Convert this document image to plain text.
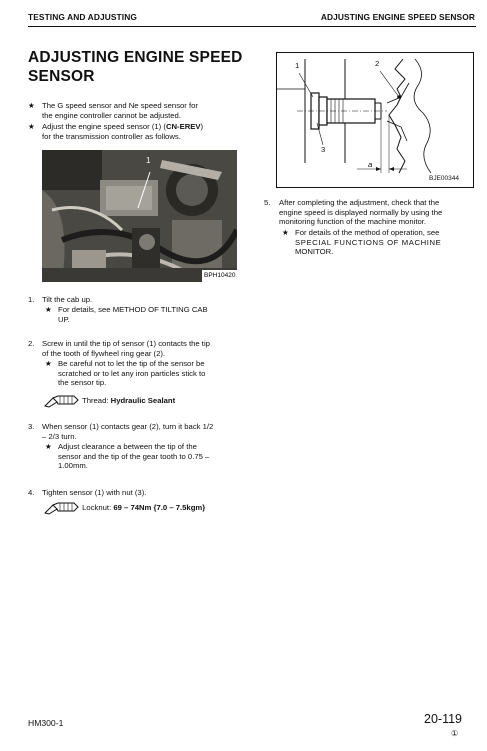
TESTING AND ADJUSTING	ADJUSTING ENGINE SPEED SENSOR
ADJUSTING ENGINE SPEED
SENSOR
★ The G speed sensor and Ne speed sensor for
the engine controller cannot be adjusted.
★ Adjust the engine speed sensor (1) (CN-EREV)
for the transmission controller as follows.
1
BPH10420
1. Tilt the cab up.
★ For details, see METHOD OF TILTING CAB
UP.
2. Screw in until the tip of sensor (1) contacts the tip
of the tooth of flywheel ring gear (2).
★ Be careful not to let the tip of the sensor be
scratched or to let any iron particles stick to
the sensor tip.
Thread: Hydraulic Sealant
3. When sensor (1) contacts gear (2), turn it back 1/2
– 2/3 turn.
★ Adjust clearance a between the tip of the
sensor and the tip of the gear tooth to 0.75 –
1.00mm.
4. Tighten sensor (1) with nut (3).
Locknut: 69 – 74Nm {7.0 – 7.5kgm}
1	2
3
a
BJE00344
5. After completing the adjustment, check that the
engine speed is displayed normally by using the
monitoring function of the machine monitor.
★ For details of the method of operation, see
SPECIAL FUNCTIONS OF MACHINE
MONITOR.
HM300-1	20-119
①
